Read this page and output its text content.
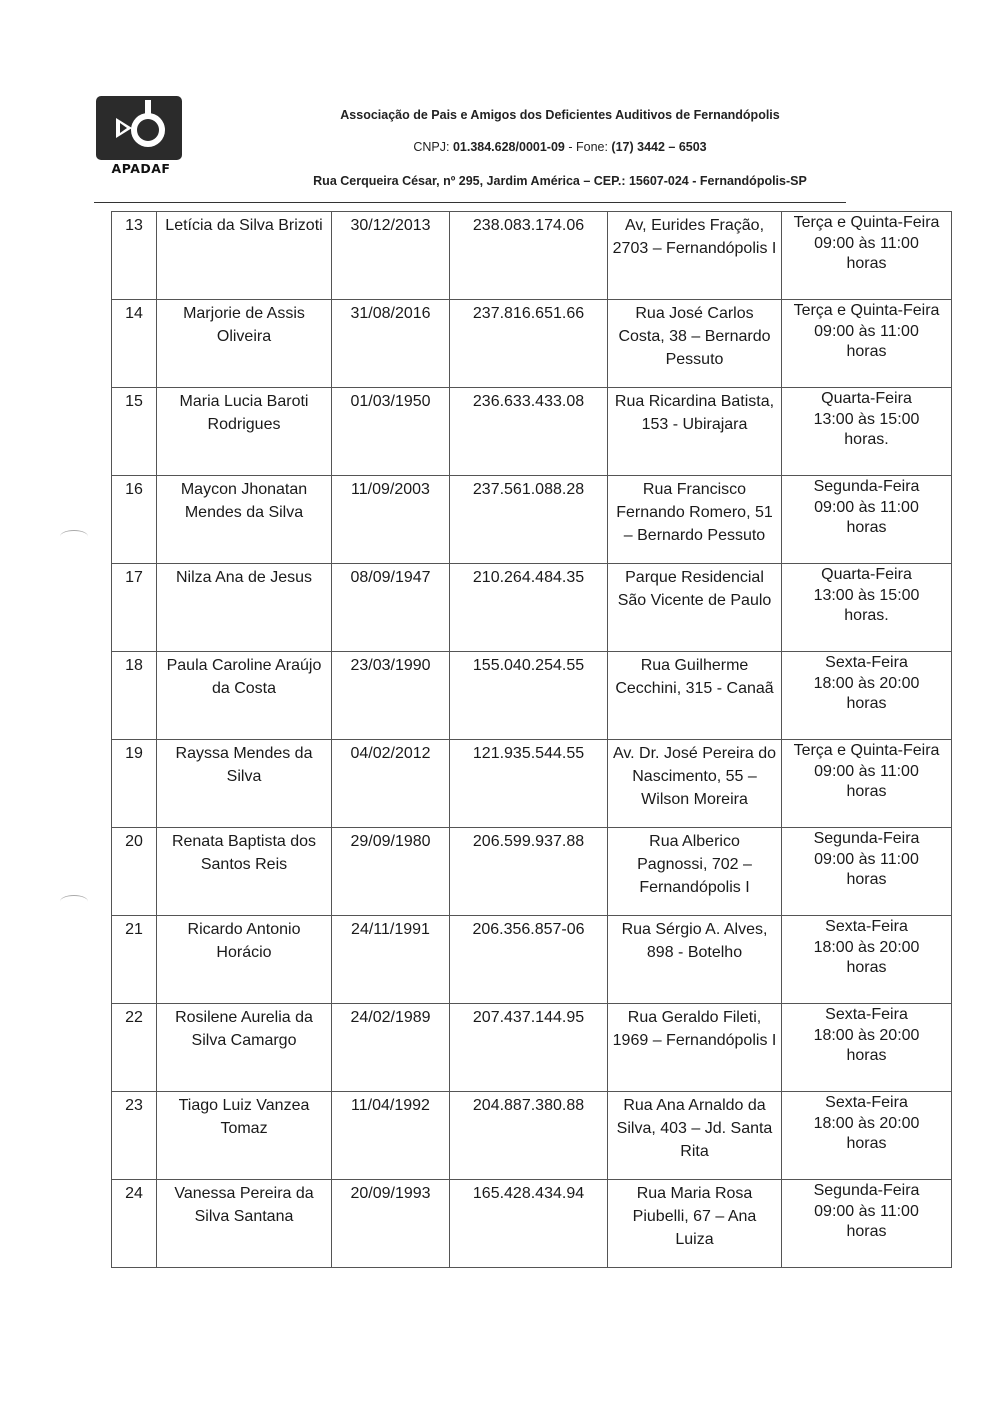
APADAF
Associação de Pais e Amigos dos Deficientes Auditivos de Fernandópolis
CNPJ: 01.384.628/0001-09 - Fone: (17) 3442 – 6503
Rua Cerqueira César, nº 295, Jardim América – CEP.: 15607-024 - Fernandópolis-SP
13	Letícia da Silva Brizoti	30/12/2013	238.083.174.06	Av, Eurides Fração, 2703 – Fernandópolis I	Terça e Quinta-Feira
09:00 às 11:00
horas

14	Marjorie de Assis Oliveira	31/08/2016	237.816.651.66	Rua José Carlos Costa, 38 – Bernardo Pessuto	Terça e Quinta-Feira
09:00 às 11:00
horas

15	Maria Lucia Baroti Rodrigues	01/03/1950	236.633.433.08	Rua Ricardina Batista, 153 - Ubirajara	Quarta-Feira
13:00 às 15:00
horas.

16	Maycon Jhonatan Mendes da Silva	11/09/2003	237.561.088.28	Rua Francisco Fernando Romero, 51 – Bernardo Pessuto	Segunda-Feira
09:00 às 11:00
horas

17	Nilza Ana de Jesus	08/09/1947	210.264.484.35	Parque Residencial São Vicente de Paulo	Quarta-Feira
13:00 às 15:00
horas.

18	Paula Caroline Araújo da Costa	23/03/1990	155.040.254.55	Rua Guilherme Cecchini, 315 - Canaã	Sexta-Feira
18:00 às 20:00
horas

19	Rayssa Mendes da Silva	04/02/2012	121.935.544.55	Av. Dr. José Pereira do Nascimento, 55 – Wilson Moreira	Terça e Quinta-Feira
09:00 às 11:00
horas

20	Renata Baptista dos Santos Reis	29/09/1980	206.599.937.88	Rua Alberico Pagnossi, 702 – Fernandópolis I	Segunda-Feira
09:00 às 11:00
horas

21	Ricardo Antonio Horácio	24/11/1991	206.356.857-06	Rua Sérgio A. Alves, 898 - Botelho	Sexta-Feira
18:00 às 20:00
horas

22	Rosilene Aurelia da Silva Camargo	24/02/1989	207.437.144.95	Rua Geraldo Fileti, 1969 – Fernandópolis I	Sexta-Feira
18:00 às 20:00
horas

23	Tiago Luiz Vanzea Tomaz	11/04/1992	204.887.380.88	Rua Ana Arnaldo da Silva, 403 – Jd. Santa Rita	Sexta-Feira
18:00 às 20:00
horas

24	Vanessa Pereira da Silva Santana	20/09/1993	165.428.434.94	Rua Maria Rosa Piubelli, 67 – Ana Luiza	Segunda-Feira
09:00 às 11:00
horas
